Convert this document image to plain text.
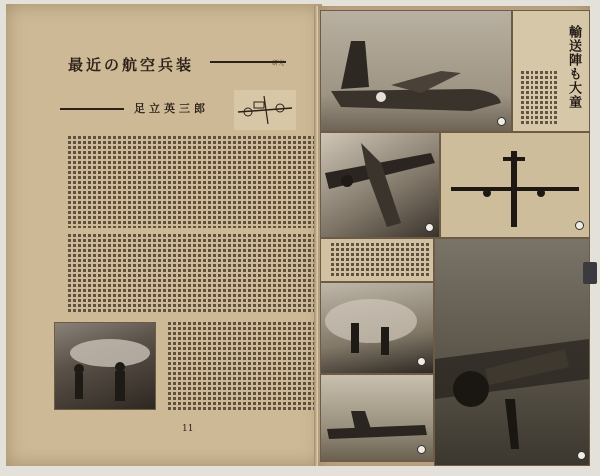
最近の航空兵装	研究
足立英三郎
11
輸送陣も大童
